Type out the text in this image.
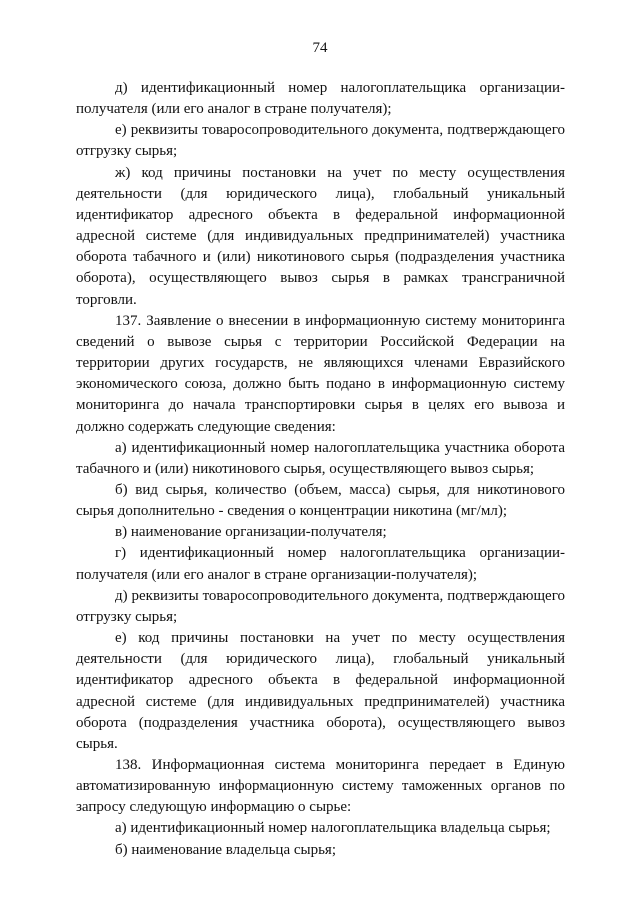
74

д) идентификационный номер налогоплательщика организации-получателя (или его аналог в стране получателя);

е) реквизиты товаросопроводительного документа, подтверждающего отгрузку сырья;

ж) код причины постановки на учет по месту осуществления деятельности (для юридического лица), глобальный уникальный идентификатор адресного объекта в федеральной информационной адресной системе (для индивидуальных предпринимателей) участника оборота табачного и (или) никотинового сырья (подразделения участника оборота), осуществляющего вывоз сырья в рамках трансграничной торговли.

137. Заявление о внесении в информационную систему мониторинга сведений о вывозе сырья с территории Российской Федерации на территории других государств, не являющихся членами Евразийского экономического союза, должно быть подано в информационную систему мониторинга до начала транспортировки сырья в целях его вывоза и должно содержать следующие сведения:

а) идентификационный номер налогоплательщика участника оборота табачного и (или) никотинового сырья, осуществляющего вывоз сырья;

б) вид сырья, количество (объем, масса) сырья, для никотинового сырья дополнительно - сведения о концентрации никотина (мг/мл);

в) наименование организации-получателя;

г) идентификационный номер налогоплательщика организации-получателя (или его аналог в стране организации-получателя);

д) реквизиты товаросопроводительного документа, подтверждающего отгрузку сырья;

е) код причины постановки на учет по месту осуществления деятельности (для юридического лица), глобальный уникальный идентификатор адресного объекта в федеральной информационной адресной системе (для индивидуальных предпринимателей) участника оборота (подразделения участника оборота), осуществляющего вывоз сырья.

138. Информационная система мониторинга передает в Единую автоматизированную информационную систему таможенных органов по запросу следующую информацию о сырье:

а) идентификационный номер налогоплательщика владельца сырья;

б) наименование владельца сырья;
